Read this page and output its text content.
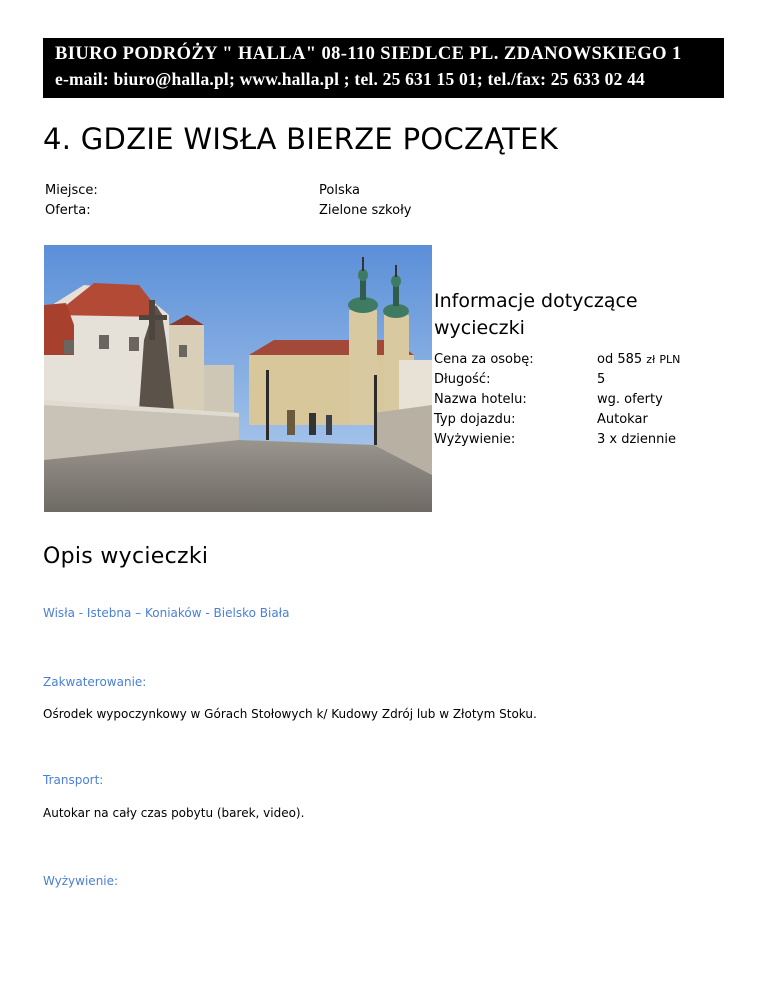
BIURO PODRÓŻY " HALLA" 08-110 SIEDLCE PL. ZDANOWSKIEGO 1
e-mail: biuro@halla.pl; www.halla.pl ; tel. 25 631 15 01; tel./fax: 25 633 02 44
4. GDZIE WISŁA BIERZE POCZĄTEK
Miejsce:	Polska
Oferta:	Zielone szkoły
Informacje dotyczące wycieczki
Cena za osobę:	od 585 zł PLN
Długość:	5
Nazwa hotelu:	wg. oferty
Typ dojazdu:	Autokar
Wyżywienie:	3 x dziennie
Opis wycieczki
Wisła - Istebna – Koniaków - Bielsko Biała
Zakwaterowanie:
Ośrodek wypoczynkowy w Górach Stołowych k/ Kudowy Zdrój lub w Złotym Stoku.
Transport:
Autokar na cały czas pobytu (barek, video).
Wyżywienie:
